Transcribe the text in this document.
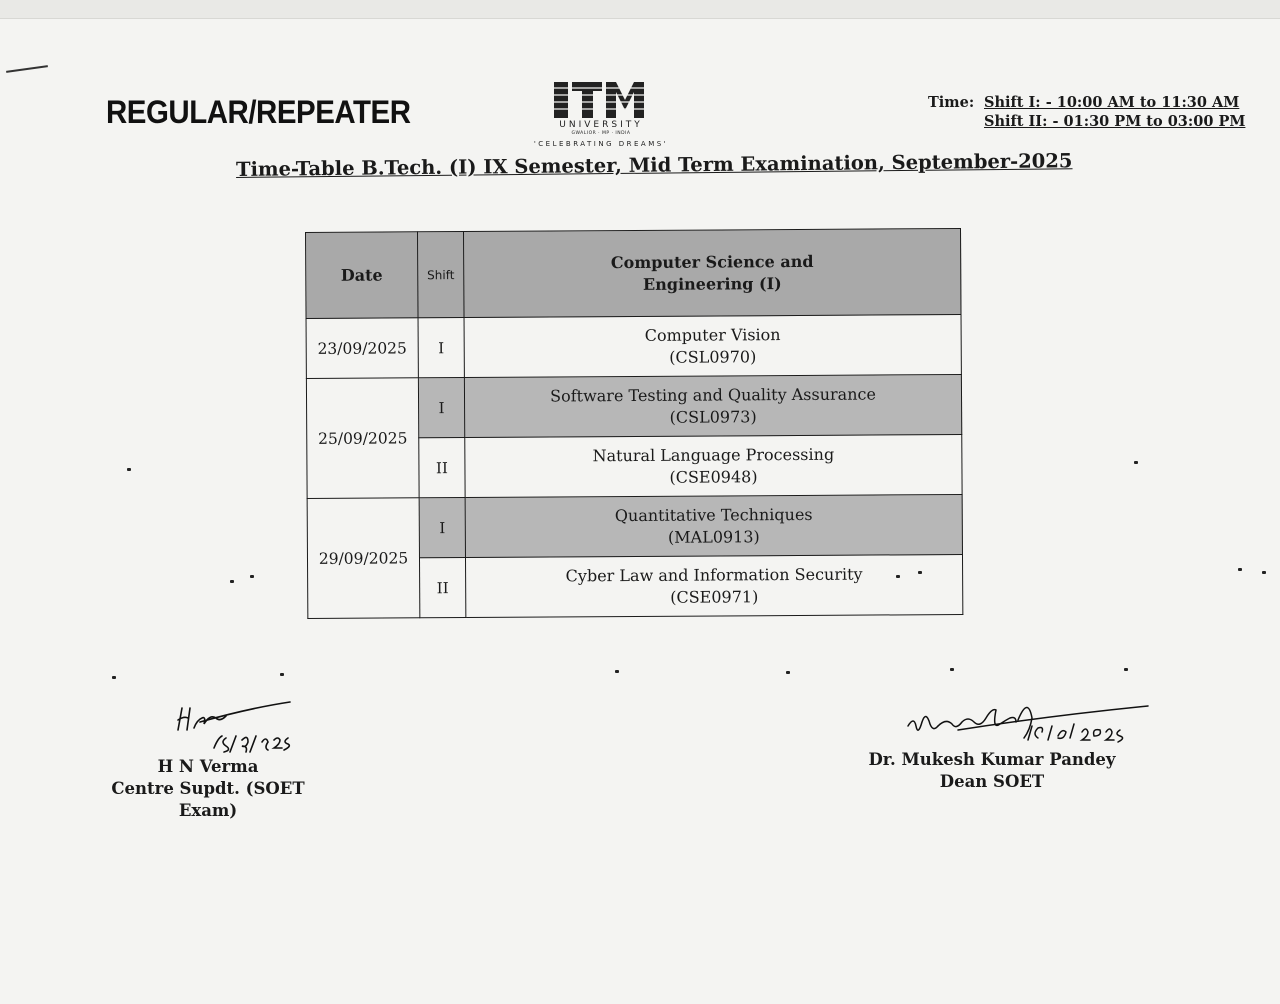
REGULAR/REPEATER	UNIVERSITY
GWALIOR · MP · INDIA
'CELEBRATING DREAMS'
Time: Shift I: - 10:00 AM to 11:30 AM
Shift II: - 01:30 PM to 03:00 PM
Time-Table B.Tech. (I) IX Semester, Mid Term Examination, September-2025
Date	Shift	Computer Science and
Engineering (I)

23/09/2025	I	Computer Vision
(CSL0970)

25/09/2025	I	Software Testing and Quality Assurance
(CSL0973)

	II	Natural Language Processing
(CSE0948)

29/09/2025	I	Quantitative Techniques
(MAL0913)

	II	Cyber Law and Information Security
(CSE0971)
H N Verma
Centre Supdt. (SOET Exam)
Dr. Mukesh Kumar Pandey
Dean SOET
